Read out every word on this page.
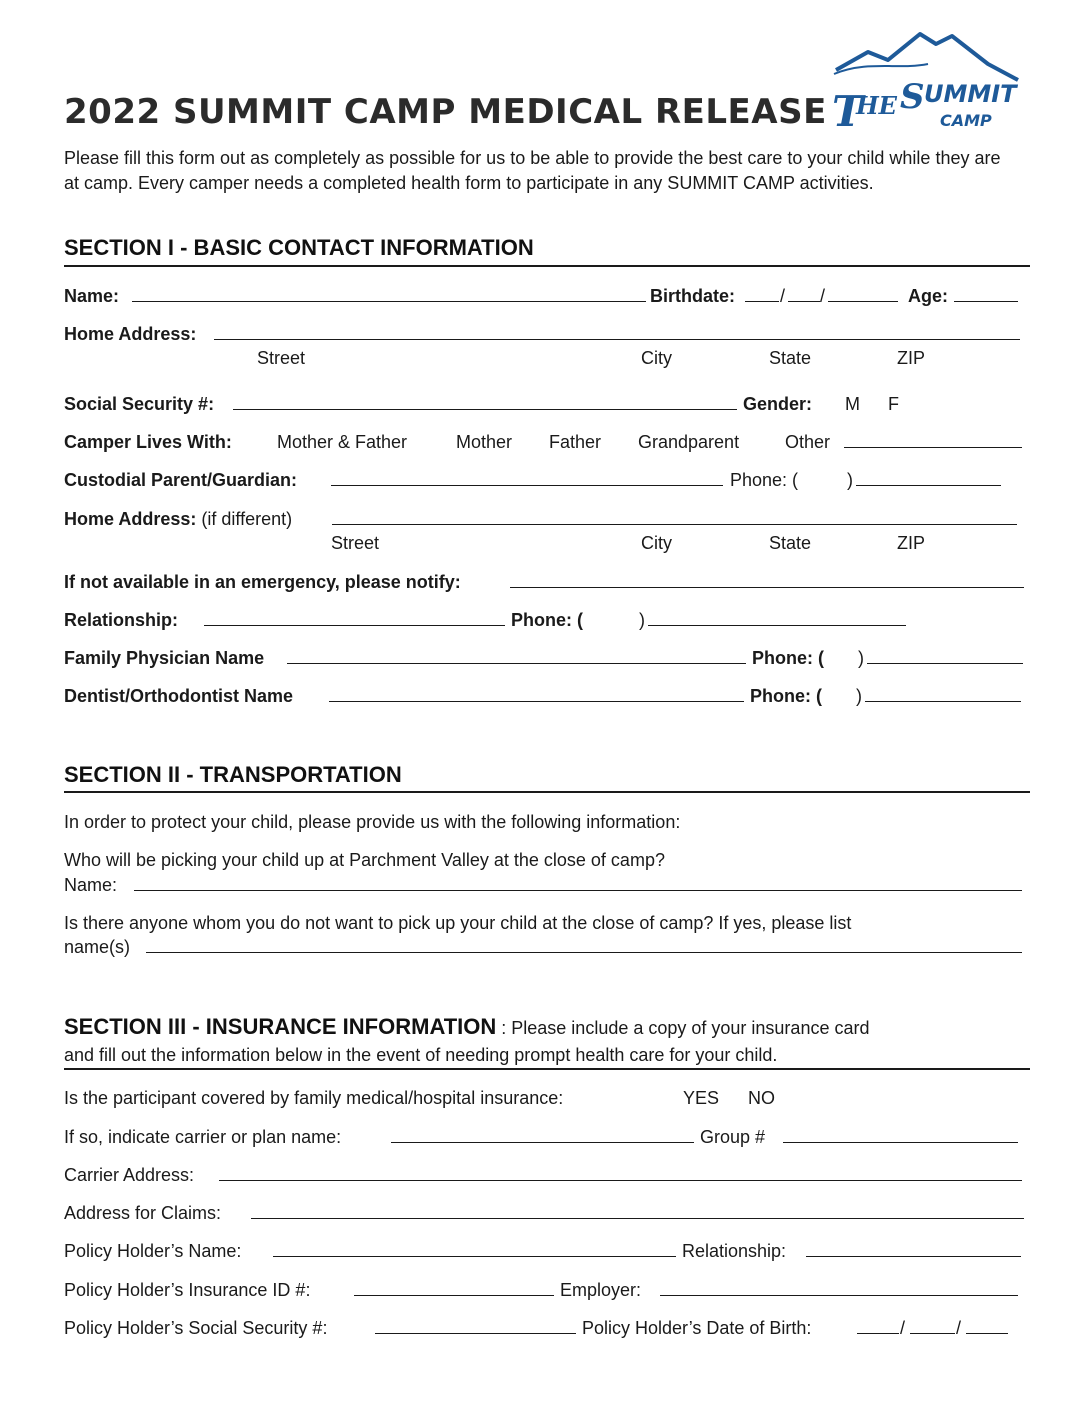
T
HE S UMMIT
CAMP
2022 SUMMIT CAMP MEDICAL RELEASE
Please fill this form out as completely as possible for us to be able to provide the best care to your child while they are at camp. Every camper needs a completed health form to participate in any SUMMIT CAMP activities.
SECTION I - BASIC CONTACT INFORMATION
Name:	Birthdate:	/ /	Age:
Home Address:
Street	City	State	ZIP
Social Security #:	Gender: M F
Camper Lives With:	Mother & Father	Mother Father Grandparent	Other
Custodial Parent/Guardian:	Phone: (	)
Home Address: (if different)
Street	City	State	ZIP
If not available in an emergency, please notify:
Relationship:	Phone: (	)
Family Physician Name	Phone: ( )
Dentist/Orthodontist Name	Phone: ( )
SECTION II - TRANSPORTATION
In order to protect your child, please provide us with the following information:
Who will be picking your child up at Parchment Valley at the close of camp?
Name:
Is there anyone whom you do not want to pick up your child at the close of camp? If yes, please list
name(s)
SECTION III - INSURANCE INFORMATION : Please include a copy of your insurance card
and fill out the information below in the event of needing prompt health care for your child.
Is the participant covered by family medical/hospital insurance:	YES NO
If so, indicate carrier or plan name:	Group #
Carrier Address:
Address for Claims:
Policy Holder’s Name:	Relationship:
Policy Holder’s Insurance ID #:	Employer:
Policy Holder’s Social Security #:	Policy Holder’s Date of Birth:	/	/
